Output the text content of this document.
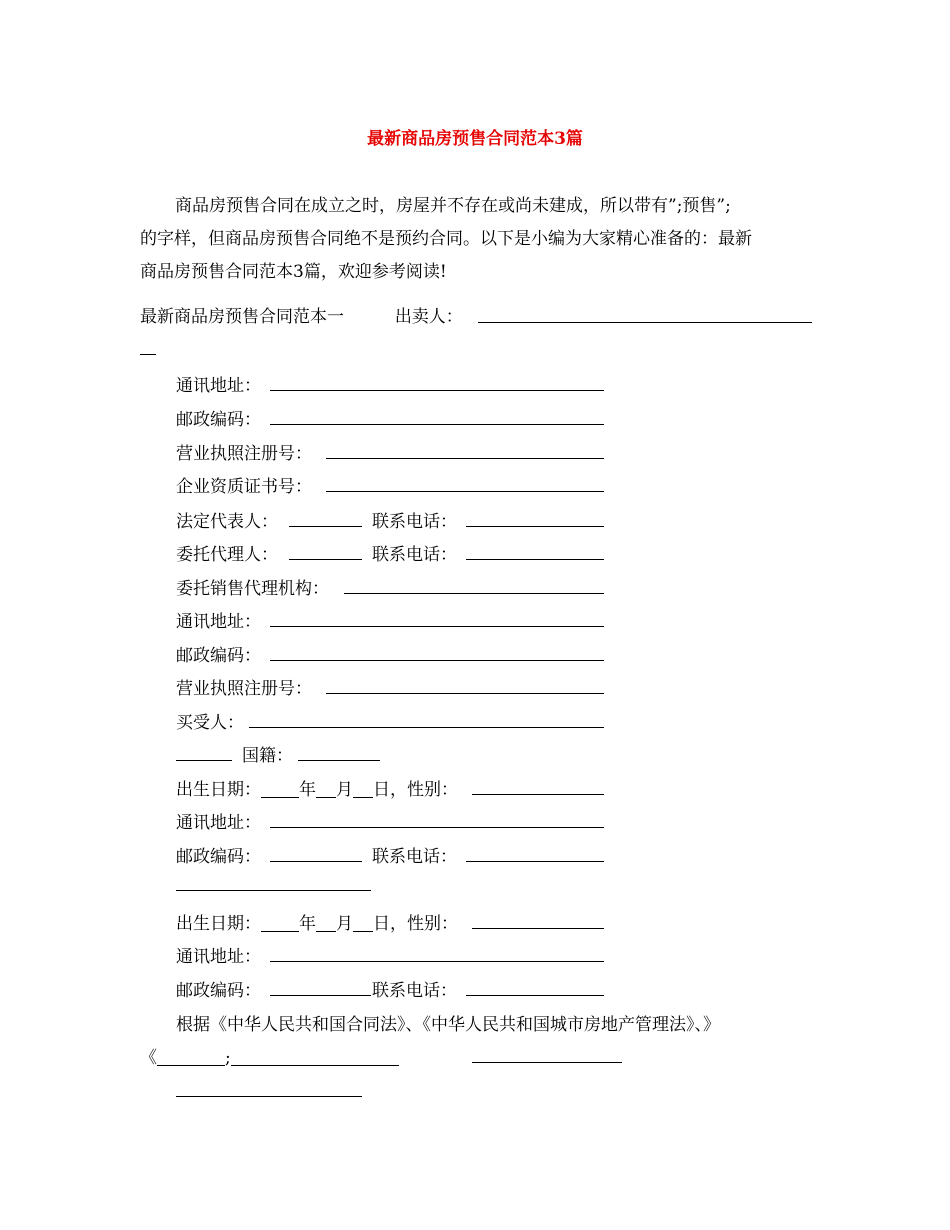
最新商品房预售合同范本3篇
商品房预售合同在成立之时，房屋并不存在或尚未建成，所以带有”;预售”;
的字样，但商品房预售合同绝不是预约合同。以下是小编为大家精心准备的：最新
商品房预售合同范本3篇，欢迎参考阅读!
最新商品房预售合同范本一	出卖人：
通讯地址：
邮政编码：
营业执照注册号：
企业资质证书号：
法定代表人：	联系电话：
委托代理人：	联系电话：
委托销售代理机构：
通讯地址：
邮政编码：
营业执照注册号：
买受人：
国籍：
出生日期： 年 月 日，性别：
通讯地址：
邮政编码：	联系电话：
出生日期： 年 月 日，性别：
通讯地址：
邮政编码：	联系电话：
根据《中华人民共和国合同法》、《中华人民共和国城市房地产管理法》、》
《	;
